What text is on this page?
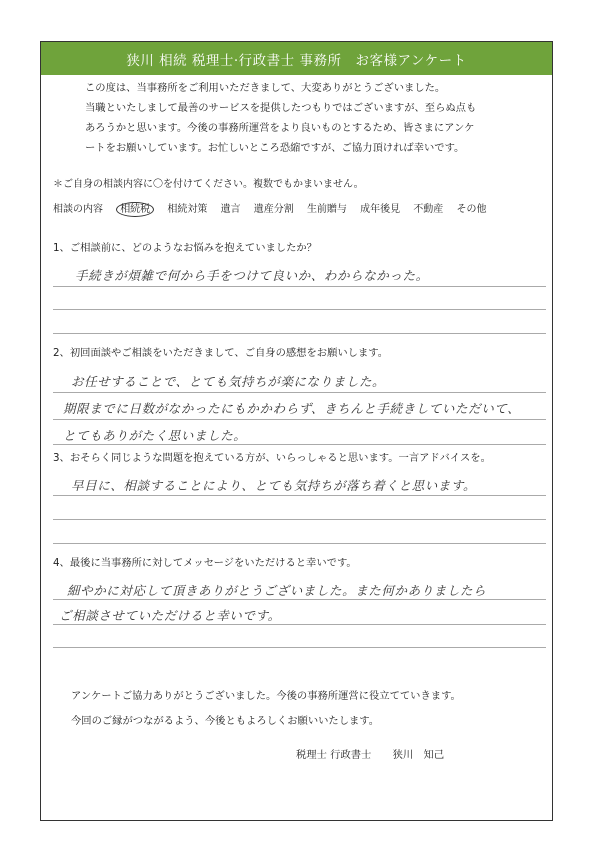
狭川 相続 税理士·行政書士 事務所　お客様アンケート
この度は、当事務所をご利用いただきまして、大変ありがとうございました。
当職といたしまして最善のサービスを提供したつもりではございますが、至らぬ点も
あろうかと思います。今後の事務所運営をより良いものとするため、皆さまにアンケ
ートをお願いしています。お忙しいところ恐縮ですが、ご協力頂ければ幸いです。
＊ご自身の相談内容に〇を付けてください。複数でもかまいません。
相談の内容 相続税 相続対策 遺言 遺産分割 生前贈与 成年後見 不動産 その他
1、ご相談前に、どのようなお悩みを抱えていましたか？
手続きが煩雑で何から手をつけて良いか、わからなかった。
2、初回面談やご相談をいただきまして、ご自身の感想をお願いします。
お任せすることで、とても気持ちが楽になりました。
期限までに日数がなかったにもかかわらず、きちんと手続きしていただいて、
とてもありがたく思いました。
3、おそらく同じような問題を抱えている方が、いらっしゃると思います。一言アドバイスを。
早目に、相談することにより、とても気持ちが落ち着くと思います。
4、最後に当事務所に対してメッセージをいただけると幸いです。
細やかに対応して頂きありがとうございました。また何かありましたら
ご相談させていただけると幸いです。
アンケートご協力ありがとうございました。今後の事務所運営に役立てていきます。
今回のご縁がつながるよう、今後ともよろしくお願いいたします。
税理士 行政書士 狭川　知己
